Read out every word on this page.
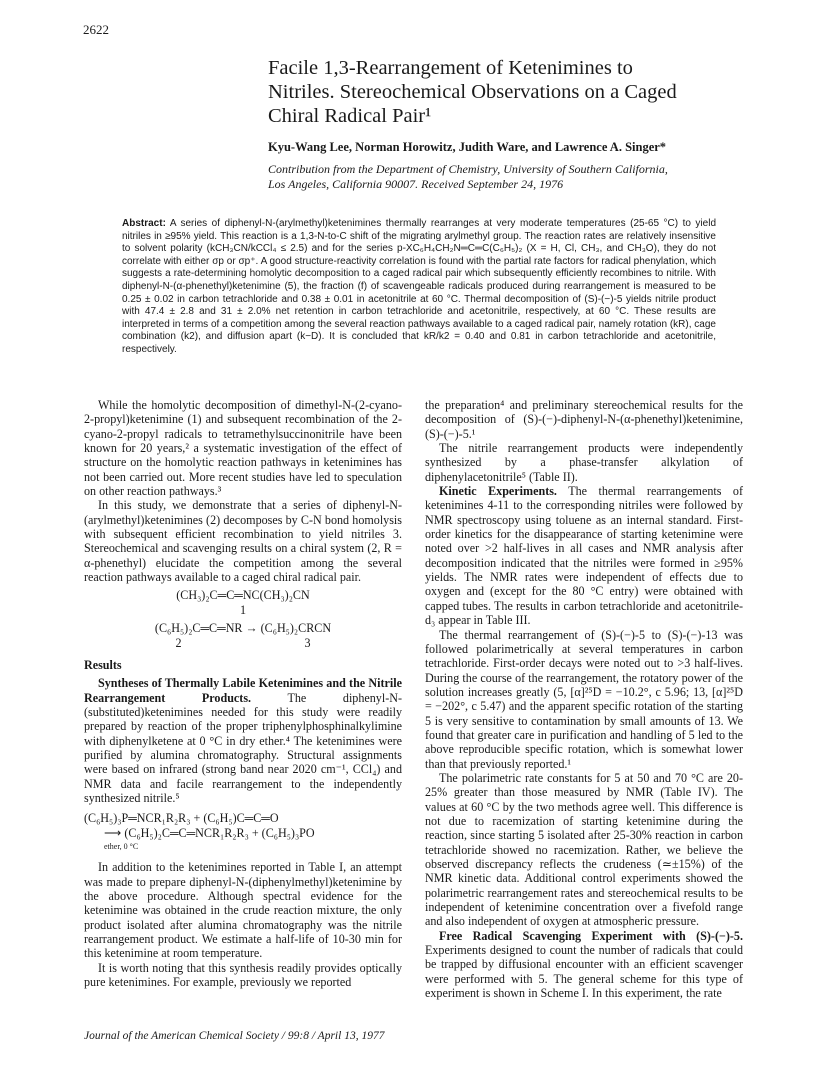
2622
Facile 1,3-Rearrangement of Ketenimines to
Nitriles. Stereochemical Observations on a Caged
Chiral Radical Pair¹
Kyu-Wang Lee, Norman Horowitz, Judith Ware, and Lawrence A. Singer*
Contribution from the Department of Chemistry, University of Southern California,
Los Angeles, California 90007. Received September 24, 1976
Abstract: A series of diphenyl-N-(arylmethyl)ketenimines thermally rearranges at very moderate temperatures (25-65 °C) to yield nitriles in ≥95% yield. This reaction is a 1,3-N-to-C shift of the migrating arylmethyl group. The reaction rates are relatively insensitive to solvent polarity (kCH₃CN/kCCl₄ ≤ 2.5) and for the series p-XC₆H₄CH₂N═C═C(C₆H₅)₂ (X = H, Cl, CH₃, and CH₃O), they do not correlate with either σp or σp⁺. A good structure-reactivity correlation is found with the partial rate factors for radical phenylation, which suggests a rate-determining homolytic decomposition to a caged radical pair which subsequently efficiently recombines to nitrile. With diphenyl-N-(α-phenethyl)ketenimine (5), the fraction (f) of scavengeable radicals produced during rearrangement is measured to be 0.25 ± 0.02 in carbon tetrachloride and 0.38 ± 0.01 in acetonitrile at 60 °C. Thermal decomposition of (S)-(−)-5 yields nitrile product with 47.4 ± 2.8 and 31 ± 2.0% net retention in carbon tetrachloride and acetonitrile, respectively, at 60 °C. These results are interpreted in terms of a competition among the several reaction pathways available to a caged radical pair, namely rotation (kR), cage combination (k2), and diffusion apart (k−D). It is concluded that kR/k2 = 0.40 and 0.81 in carbon tetrachloride and acetonitrile, respectively.

While the homolytic decomposition of dimethyl-N-(2-cyano-2-propyl)ketenimine (1) and subsequent recombination of the 2-cyano-2-propyl radicals to tetramethylsuccinonitrile have been known for 20 years,² a systematic investigation of the effect of structure on the homolytic reaction pathways in ketenimines has not been carried out. More recent studies have led to speculation on other reaction pathways.³

In this study, we demonstrate that a series of diphenyl-N-(arylmethyl)ketenimines (2) decomposes by C-N bond homolysis with subsequent efficient recombination to yield nitriles 3. Stereochemical and scavenging results on a chiral system (2, R = α-phenethyl) elucidate the competition among the several reaction pathways available to a caged chiral radical pair.

(CH₃)₂C═C═NC(CH₃)₂CN
1
(C₆H₅)₂C═C═NR → (C₆H₅)₂CRCN
2	3
Results

Syntheses of Thermally Labile Ketenimines and the Nitrile Rearrangement Products.	The diphenyl-N-(substituted)ketenimines needed for this study were readily prepared by reaction of the proper triphenylphosphinalkylimine with diphenylketene at 0 °C in dry ether.⁴ The ketenimines were purified by alumina chromatography. Structural assignments were based on infrared (strong band near 2020 cm⁻¹, CCl₄) and NMR data and facile rearrangement to the independently synthesized nitrile.⁵

(C₆H₅)₃P═NCR₁R₂R₃ + (C₆H₅)C═C═O
⟶ (C₆H₅)₂C═C═NCR₁R₂R₃ + (C₆H₅)₃PO
ether, 0 °C

In addition to the ketenimines reported in Table I, an attempt was made to prepare diphenyl-N-(diphenylmethyl)ketenimine by the above procedure. Although spectral evidence for the ketenimine was obtained in the crude reaction mixture, the only product isolated after alumina chromatography was the nitrile rearrangement product. We estimate a half-life of 10-30 min for this ketenimine at room temperature.

It is worth noting that this synthesis readily provides optically pure ketenimines. For example, previously we reported

the preparation⁴ and preliminary stereochemical results for the decomposition of (S)-(−)-diphenyl-N-(α-phenethyl)ketenimine, (S)-(−)-5.¹

The nitrile rearrangement products were independently synthesized by a phase-transfer alkylation of diphenylacetonitrile⁵ (Table II).

Kinetic Experiments. The thermal rearrangements of ketenimines 4-11 to the corresponding nitriles were followed by NMR spectroscopy using toluene as an internal standard. First-order kinetics for the disappearance of starting ketenimine were noted over >2 half-lives in all cases and NMR analysis after decomposition indicated that the nitriles were formed in ≥95% yields. The NMR rates were independent of effects due to oxygen and (except for the 80 °C entry) were obtained with capped tubes. The results in carbon tetrachloride and acetonitrile-d₃ appear in Table III.

The thermal rearrangement of (S)-(−)-5 to (S)-(−)-13 was followed polarimetrically at several temperatures in carbon tetrachloride. First-order decays were noted out to >3 half-lives. During the course of the rearrangement, the rotatory power of the solution increases greatly (5, [α]²⁵D = −10.2°, c 5.96; 13, [α]²⁵D = −202°, c 5.47) and the apparent specific rotation of the starting 5 is very sensitive to contamination by small amounts of 13. We found that greater care in purification and handling of 5 led to the above reproducible specific rotation, which is somewhat lower than that previously reported.¹

The polarimetric rate constants for 5 at 50 and 70 °C are 20-25% greater than those measured by NMR (Table IV). The values at 60 °C by the two methods agree well. This difference is not due to racemization of starting ketenimine during the reaction, since starting 5 isolated after 25-30% reaction in carbon tetrachloride showed no racemization. Rather, we believe the observed discrepancy reflects the crudeness (≃±15%) of the NMR kinetic data. Additional control experiments showed the polarimetric rearrangement rates and stereochemical results to be independent of ketenimine concentration over a fivefold range and also independent of oxygen at atmospheric pressure.

Free Radical Scavenging Experiment with (S)-(−)-5. Experiments designed to count the number of radicals that could be trapped by diffusional encounter with an efficient scavenger were performed with 5. The general scheme for this type of experiment is shown in Scheme I. In this experiment, the rate

Journal of the American Chemical Society / 99:8 / April 13, 1977
